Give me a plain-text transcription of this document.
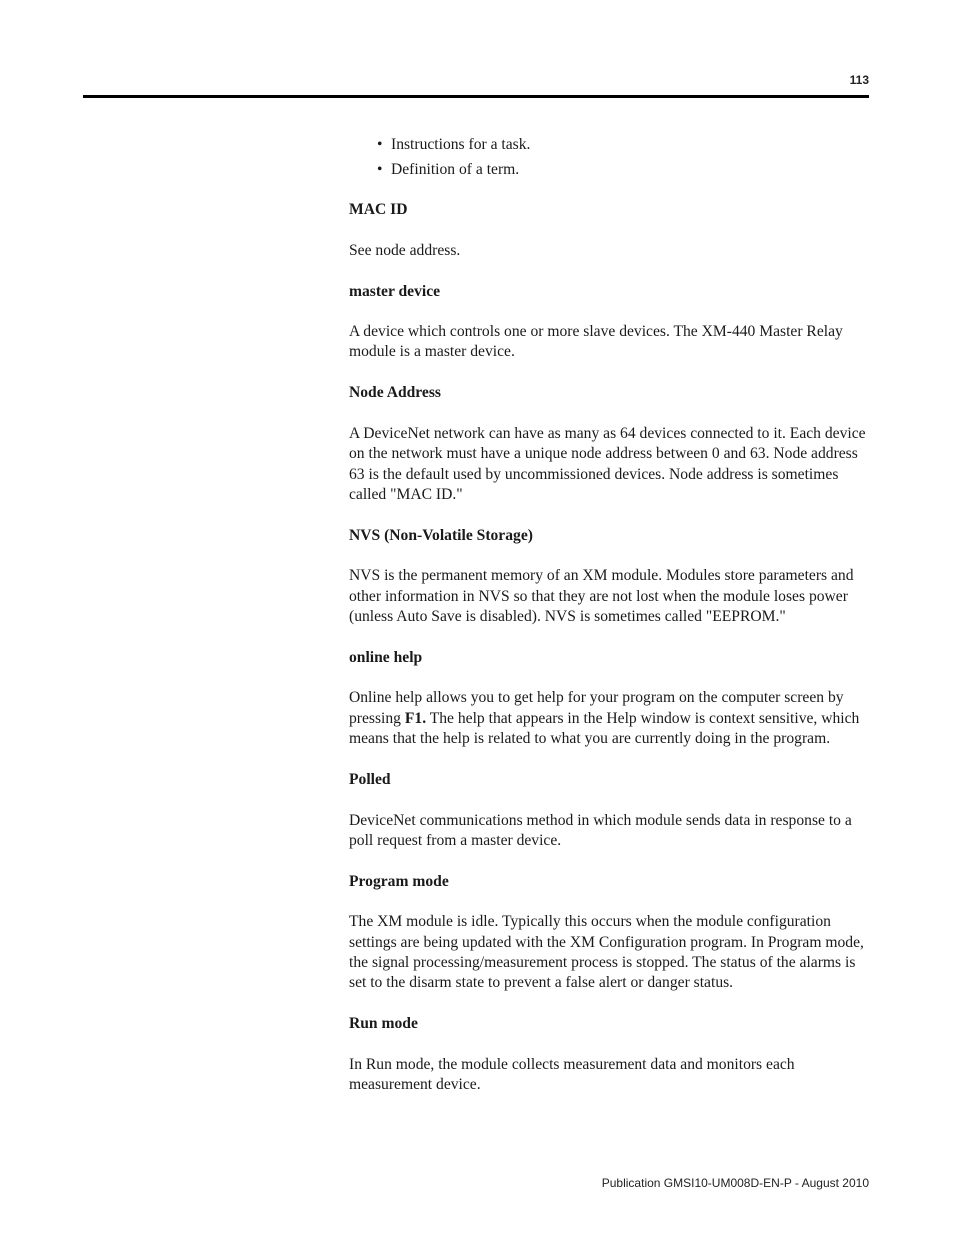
113
• Instructions for a task.
• Definition of a term.
MAC ID
See node address.
master device
A device which controls one or more slave devices. The XM-440 Master Relay module is a master device.
Node Address
A DeviceNet network can have as many as 64 devices connected to it. Each device on the network must have a unique node address between 0 and 63. Node address 63 is the default used by uncommissioned devices. Node address is sometimes called "MAC ID."
NVS (Non-Volatile Storage)
NVS is the permanent memory of an XM module. Modules store parameters and other information in NVS so that they are not lost when the module loses power (unless Auto Save is disabled). NVS is sometimes called "EEPROM."
online help
Online help allows you to get help for your program on the computer screen by pressing F1. The help that appears in the Help window is context sensitive, which means that the help is related to what you are currently doing in the program.
Polled
DeviceNet communications method in which module sends data in response to a poll request from a master device.
Program mode
The XM module is idle. Typically this occurs when the module configuration settings are being updated with the XM Configuration program. In Program mode, the signal processing/measurement process is stopped. The status of the alarms is set to the disarm state to prevent a false alert or danger status.
Run mode
In Run mode, the module collects measurement data and monitors each measurement device.
Publication GMSI10-UM008D-EN-P - August 2010
